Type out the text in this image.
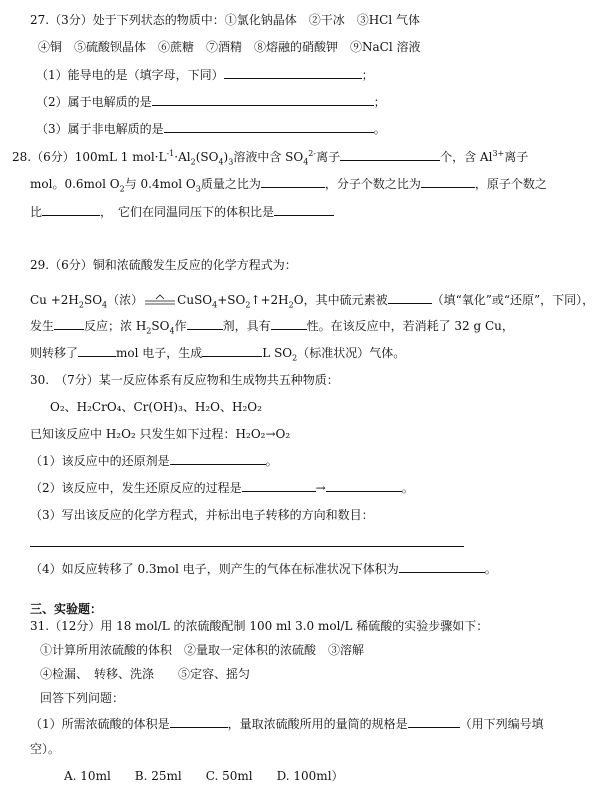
27.（3分）处于下列状态的物质中：①氯化钠晶体　②干冰　③HCl 气体
④铜　⑤硫酸钡晶体　⑥蔗糖　⑦酒精　⑧熔融的硝酸钾　⑨NaCl 溶液
（1）能导电的是（填字母，下同）	；
（2）属于电解质的是	；
（3）属于非电解质的是	。
28.（6分）100mL 1 $mol\cdot L^{-1}\cdot Al_2(SO_4)_3$溶液中含 $SO_4^{2-}$离子	个，含 $Al^{3+}$离子
mol。0.6mol $O_2$与 0.4mol $O_3$质量之比为	，分子个数之比为	，原子个数之
比	，　它们在同温同压下的体积比是
29.（6分）铜和浓硫酸发生反应的化学方程式为：
$Cu +2H_2SO_4$（浓）	$CuSO_4+SO_2↑+2H_2O$，其中硫元素被	（填“氧化”或“还原”，下同），
发生	反应；浓 $H_2SO_4$作	剂，具有	性。在该反应中，若消耗了 32 g Cu，
则转移了	mol 电子，生成	L $SO_2$（标准状况）气体。
30.　（7分）某一反应体系有反应物和生成物共五种物质：
O₂、H₂CrO₄、Cr(OH)₃、H₂O、H₂O₂
已知该反应中 H₂O₂ 只发生如下过程：H₂O₂→O₂
（1）该反应中的还原剂是	。
（2）该反应中，发生还原反应的过程是	→	。
（3）写出该反应的化学方程式，并标出电子转移的方向和数目：
（4）如反应转移了 0.3mol 电子，则产生的气体在标准状况下体积为	。
三、实验题：
31.（12分）用 18 mol/L 的浓硫酸配制 100 ml 3.0 mol/L 稀硫酸的实验步骤如下：
①计算所用浓硫酸的体积　②量取一定体积的浓硫酸　③溶解
④检漏、　转移、洗涤　　⑤定容、摇匀
回答下列问题：
（1）所需浓硫酸的体积是	，量取浓硫酸所用的量筒的规格是	（用下列编号填
空）。
A. 10ml　　B. 25ml　　C. 50ml　　D. 100ml）
